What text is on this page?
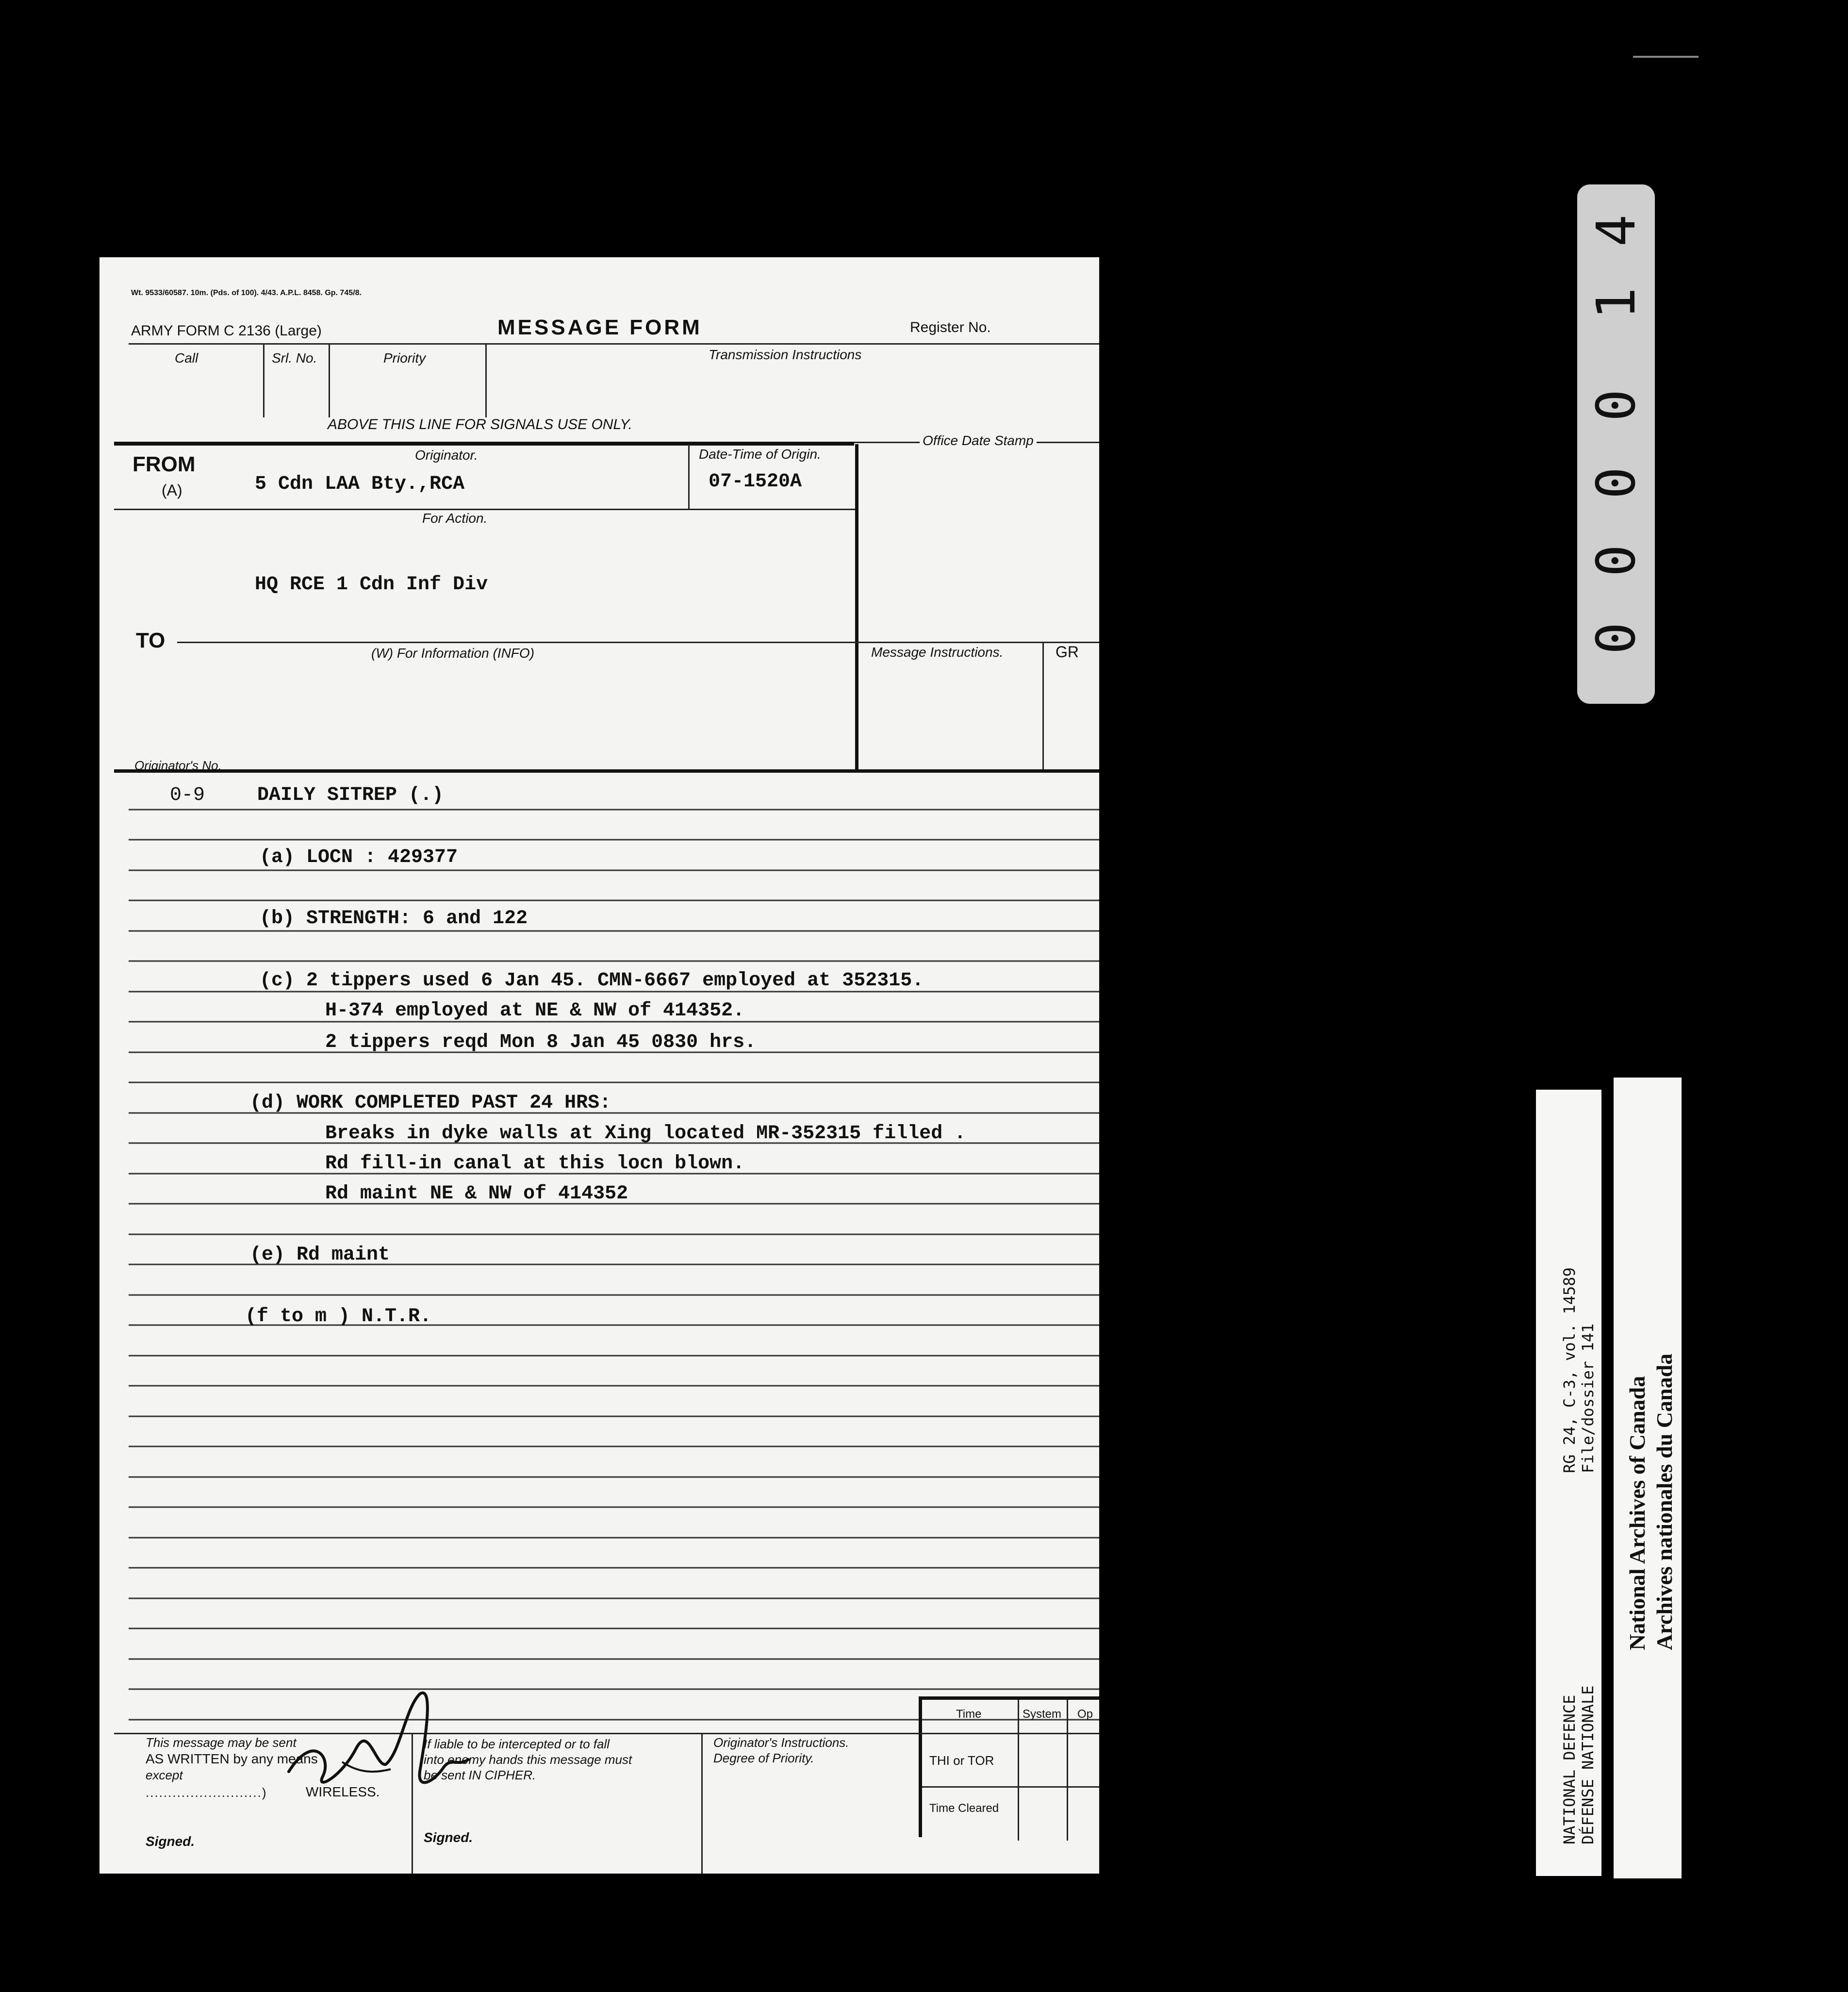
Wt. 9533/60587. 10m. (Pds. of 100). 4/43. A.P.L. 8458. Gp. 745/8.
ARMY FORM C 2136 (Large)	MESSAGE FORM	Register No.
Call	Srl. No.	Priority	Transmission Instructions
ABOVE THIS LINE FOR SIGNALS USE ONLY.
Office Date Stamp
FROM
(A)
Originator.
5 Cdn LAA Bty.,RCA
Date-Time of Origin.
07-1520A
For Action.
HQ RCE 1 Cdn Inf Div
TO
(W) For Information (INFO)	Message Instructions.	GR
Originator's No.
0-9	DAILY SITREP (.)
(a) LOCN : 429377
(b) STRENGTH: 6 and 122
(c) 2 tippers used 6 Jan 45. CMN-6667 employed at 352315.
H-374 employed at NE & NW of 414352.
2 tippers reqd Mon 8 Jan 45 0830 hrs.
(d) WORK COMPLETED PAST 24 HRS:
Breaks in dyke walls at Xing located MR-352315 filled .
Rd fill-in canal at this locn blown.
Rd maint NE & NW of 414352
(e) Rd maint
(f to m ) N.T.R.
This message may be sent
AS WRITTEN by any means
except
WIRELESS.
..........................)
Signed.
If liable to be intercepted or to fall
into enemy hands this message must
be sent IN CIPHER.
Signed.
Originator's Instructions.
Degree of Priority.
Time	System Op
THI or TOR
Time Cleared
4
1
0
0
0
0
NATIONAL DEFENCE DÉFENSE NATIONALE
RG 24, C-3, vol. 14589 File/dossier 141 National Archives of Canada Archives nationales du Canada
